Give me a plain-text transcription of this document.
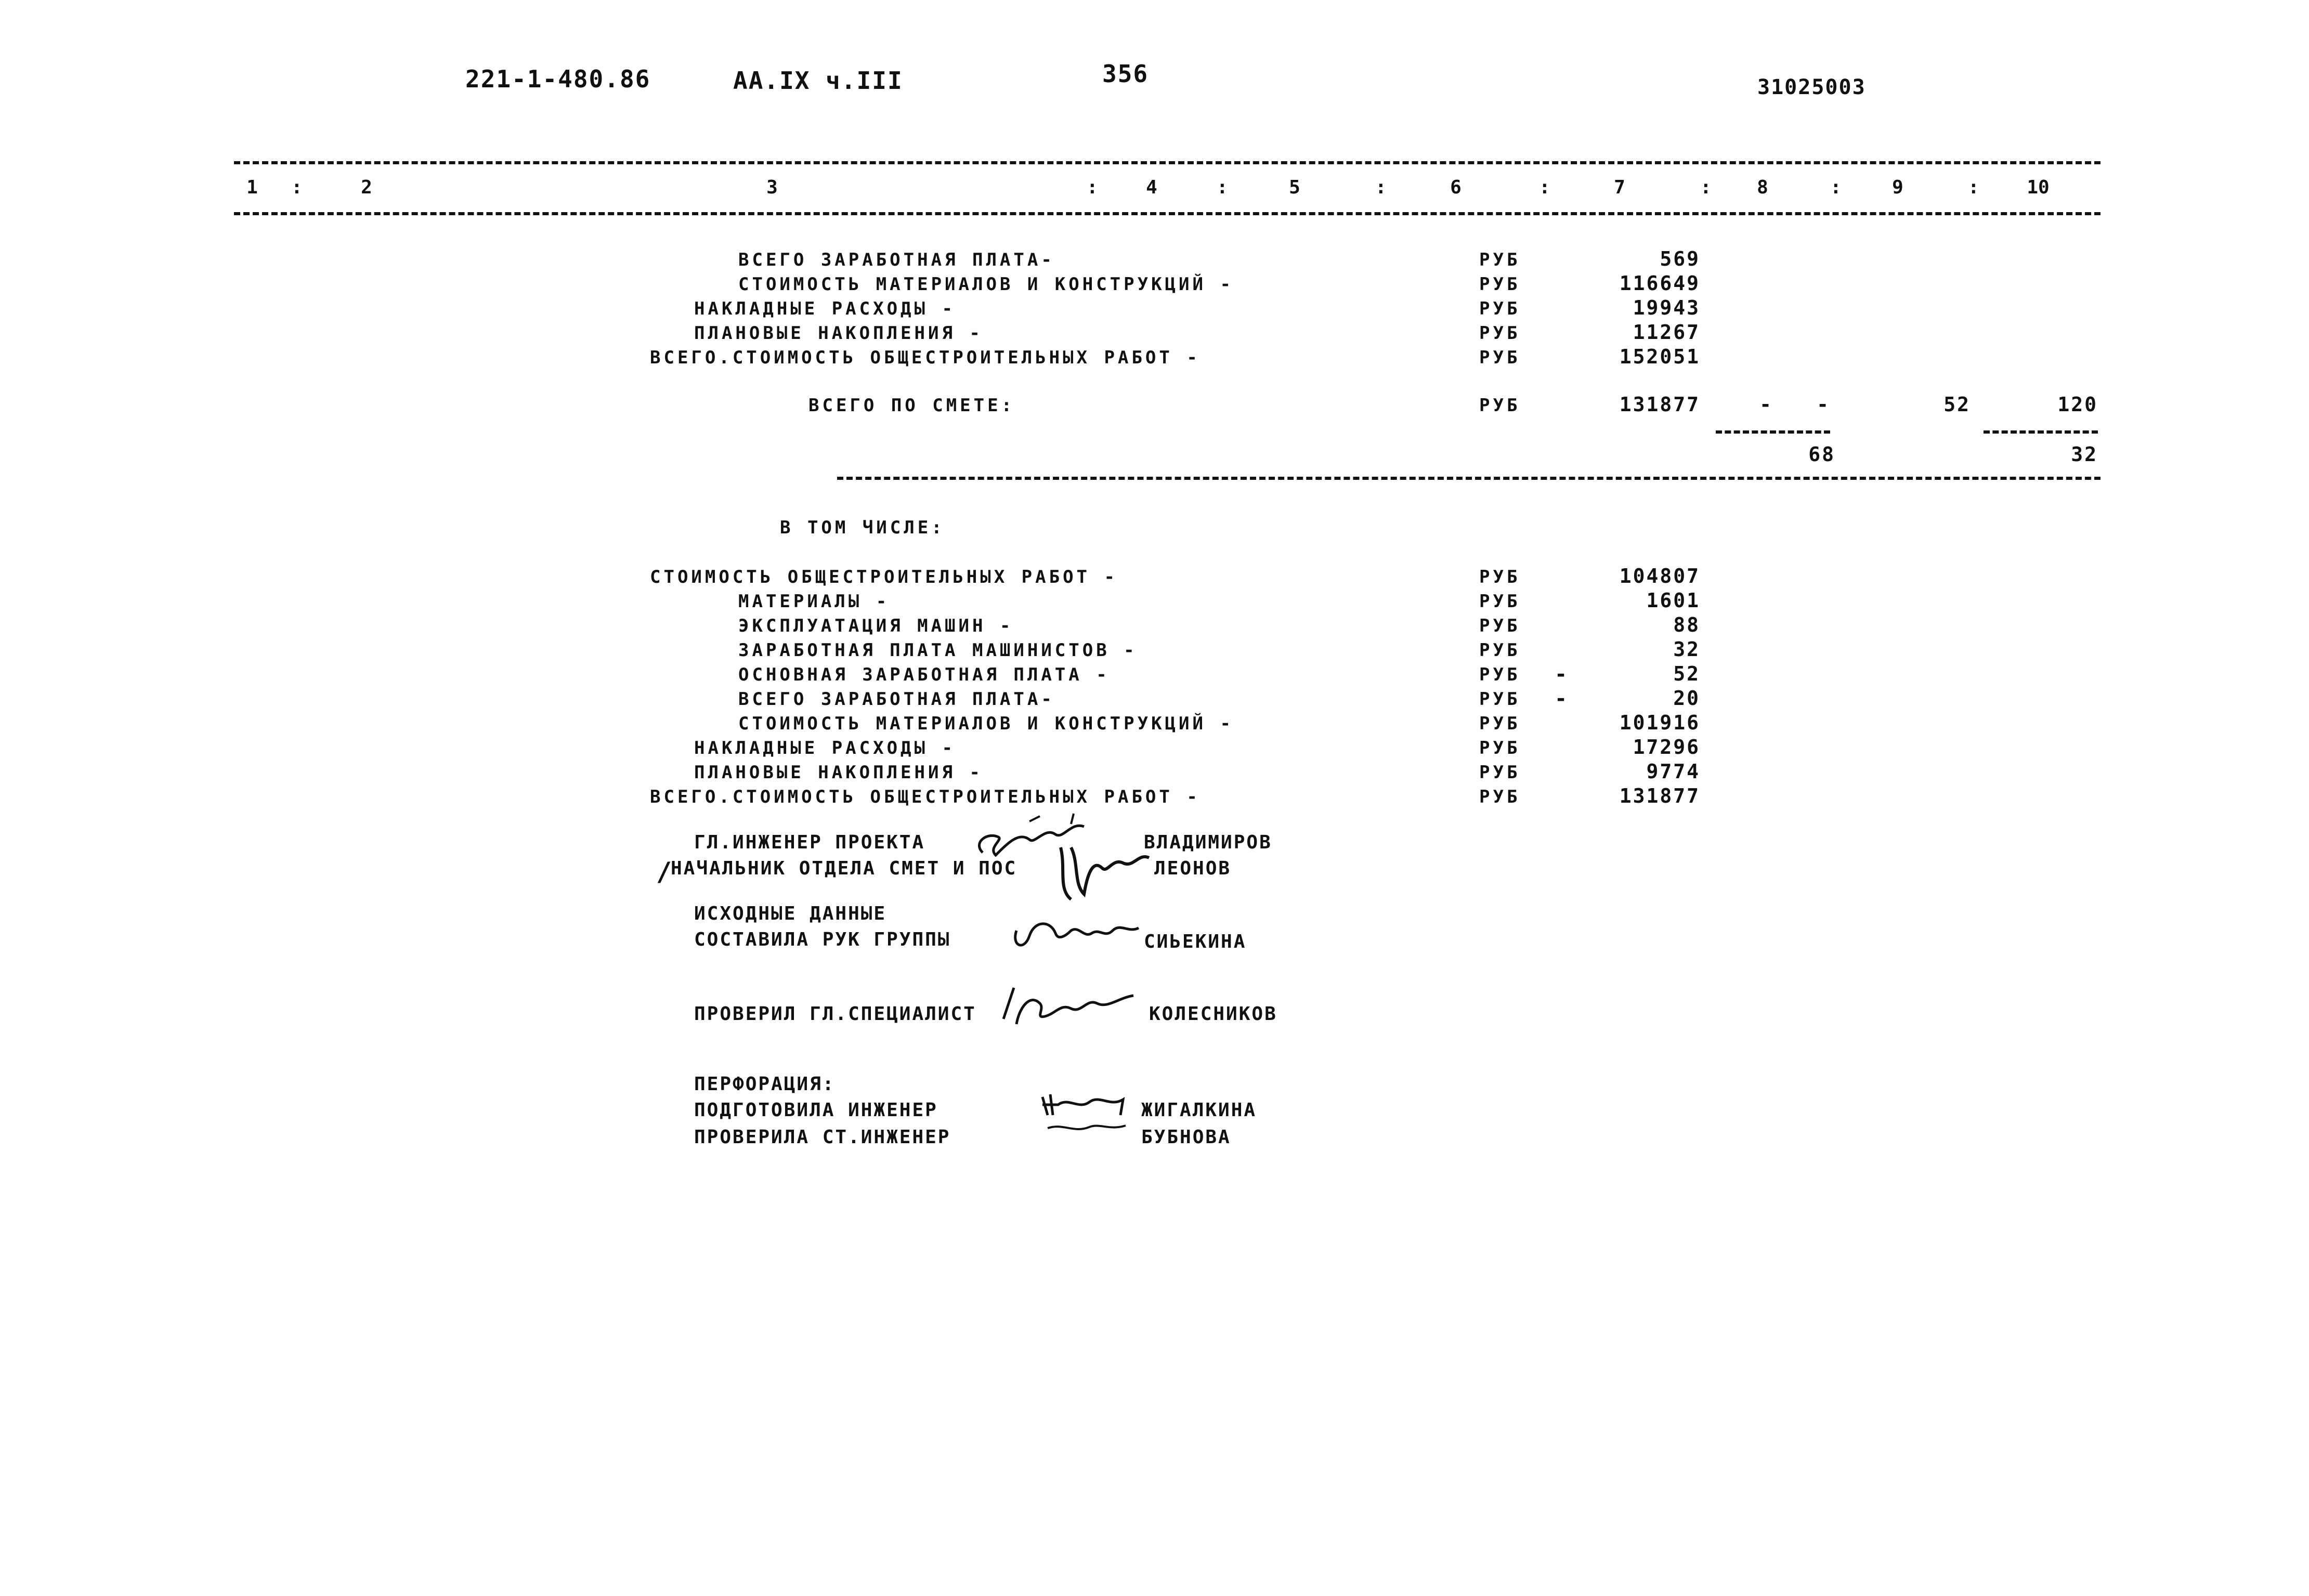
221-1-480.86	АА.IX ч.III	356	31025003
1	:	2	3	:	4	:	5	:	6	:	7	:	8	:	9	:	10
ВСЕГО ЗАРАБОТНАЯ ПЛАТА-	РУБ	569
СТОИМОСТЬ МАТЕРИАЛОВ И КОНСТРУКЦИЙ -	РУБ	116649
НАКЛАДНЫЕ РАСХОДЫ -	РУБ	19943
ПЛАНОВЫЕ НАКОПЛЕНИЯ -	РУБ	11267
ВСЕГО.СТОИМОСТЬ ОБЩЕСТРОИТЕЛЬНЫХ РАБОТ -	РУБ	152051
ВСЕГО ПО СМЕТЕ:	РУБ	131877	-	-	52	120
68	32
В ТОМ ЧИСЛЕ:
СТОИМОСТЬ ОБЩЕСТРОИТЕЛЬНЫХ РАБОТ -	РУБ	104807
МАТЕРИАЛЫ -	РУБ	1601
ЭКСПЛУАТАЦИЯ МАШИН -	РУБ	88
ЗАРАБОТНАЯ ПЛАТА МАШИНИСТОВ -	РУБ	32
ОСНОВНАЯ ЗАРАБОТНАЯ ПЛАТА -	РУБ -	52
ВСЕГО ЗАРАБОТНАЯ ПЛАТА-	РУБ -	20
СТОИМОСТЬ МАТЕРИАЛОВ И КОНСТРУКЦИЙ -	РУБ	101916
НАКЛАДНЫЕ РАСХОДЫ -	РУБ	17296
ПЛАНОВЫЕ НАКОПЛЕНИЯ -	РУБ	9774
ВСЕГО.СТОИМОСТЬ ОБЩЕСТРОИТЕЛЬНЫХ РАБОТ -	РУБ	131877
ГЛ.ИНЖЕНЕР ПРОЕКТА	ВЛАДИМИРОВ
/
НАЧАЛЬНИК ОТДЕЛА СМЕТ И ПОС	ЛЕОНОВ
ИСХОДНЫЕ ДАННЫЕ
СОСТАВИЛА РУК ГРУППЫ	СИЬЕКИНА
ПРОВЕРИЛ ГЛ.СПЕЦИАЛИСТ	КОЛЕСНИКОВ
ПЕРФОРАЦИЯ:
ПОДГОТОВИЛА ИНЖЕНЕР	ЖИГАЛКИНА
ПРОВЕРИЛА СТ.ИНЖЕНЕР	БУБНОВА
